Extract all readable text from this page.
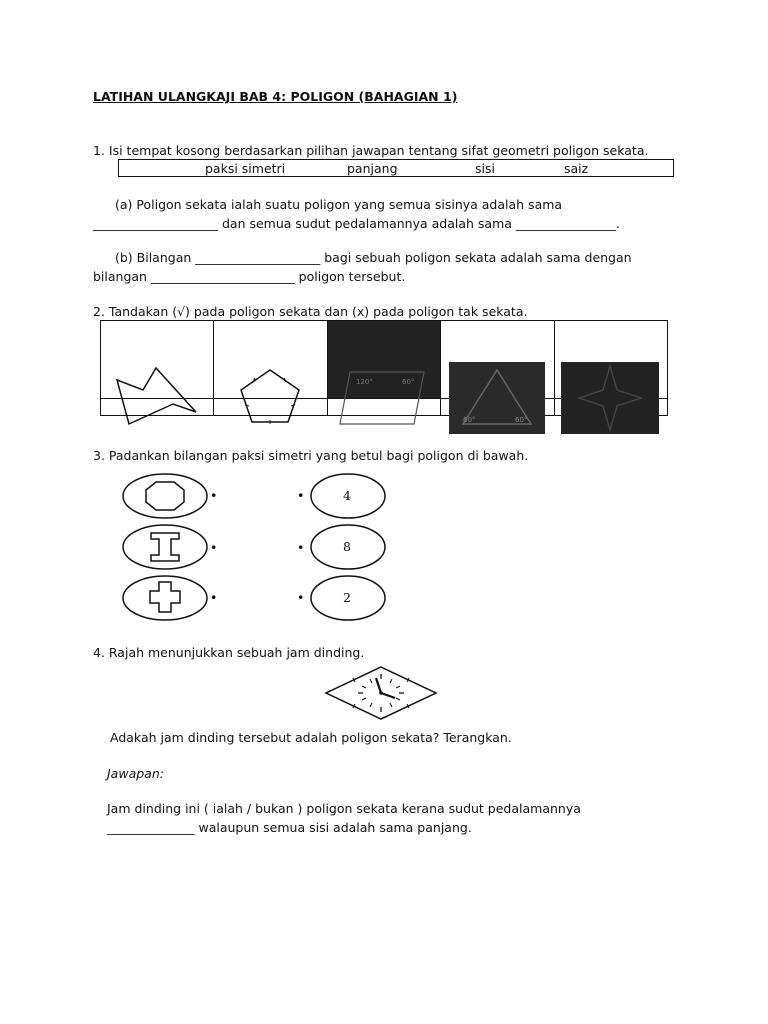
LATIHAN ULANGKAJI BAB 4: POLIGON (BAHAGIAN 1)
1. Isi tempat kosong berdasarkan pilihan jawapan tentang sifat geometri poligon sekata.
paksi simetri	panjang	sisi	saiz
(a) Poligon sekata ialah suatu poligon yang semua sisinya adalah sama
____________________ dan semua sudut pedalamannya adalah sama ________________.
(b) Bilangan ____________________ bagi sebuah poligon sekata adalah sama dengan
bilangan _______________________ poligon tersebut.
2. Tandakan (√) pada poligon sekata dan (x) pada poligon tak sekata.

120° 60°	60° 60°

3. Padankan bilangan paksi simetri yang betul bagi poligon di bawah.
•
•
•
•
•
•
4
8
2
4. Rajah menunjukkan sebuah jam dinding.
Adakah jam dinding tersebut adalah poligon sekata? Terangkan.
Jawapan:
Jam dinding ini ( ialah / bukan ) poligon sekata kerana sudut pedalamannya
______________ walaupun semua sisi adalah sama panjang.
